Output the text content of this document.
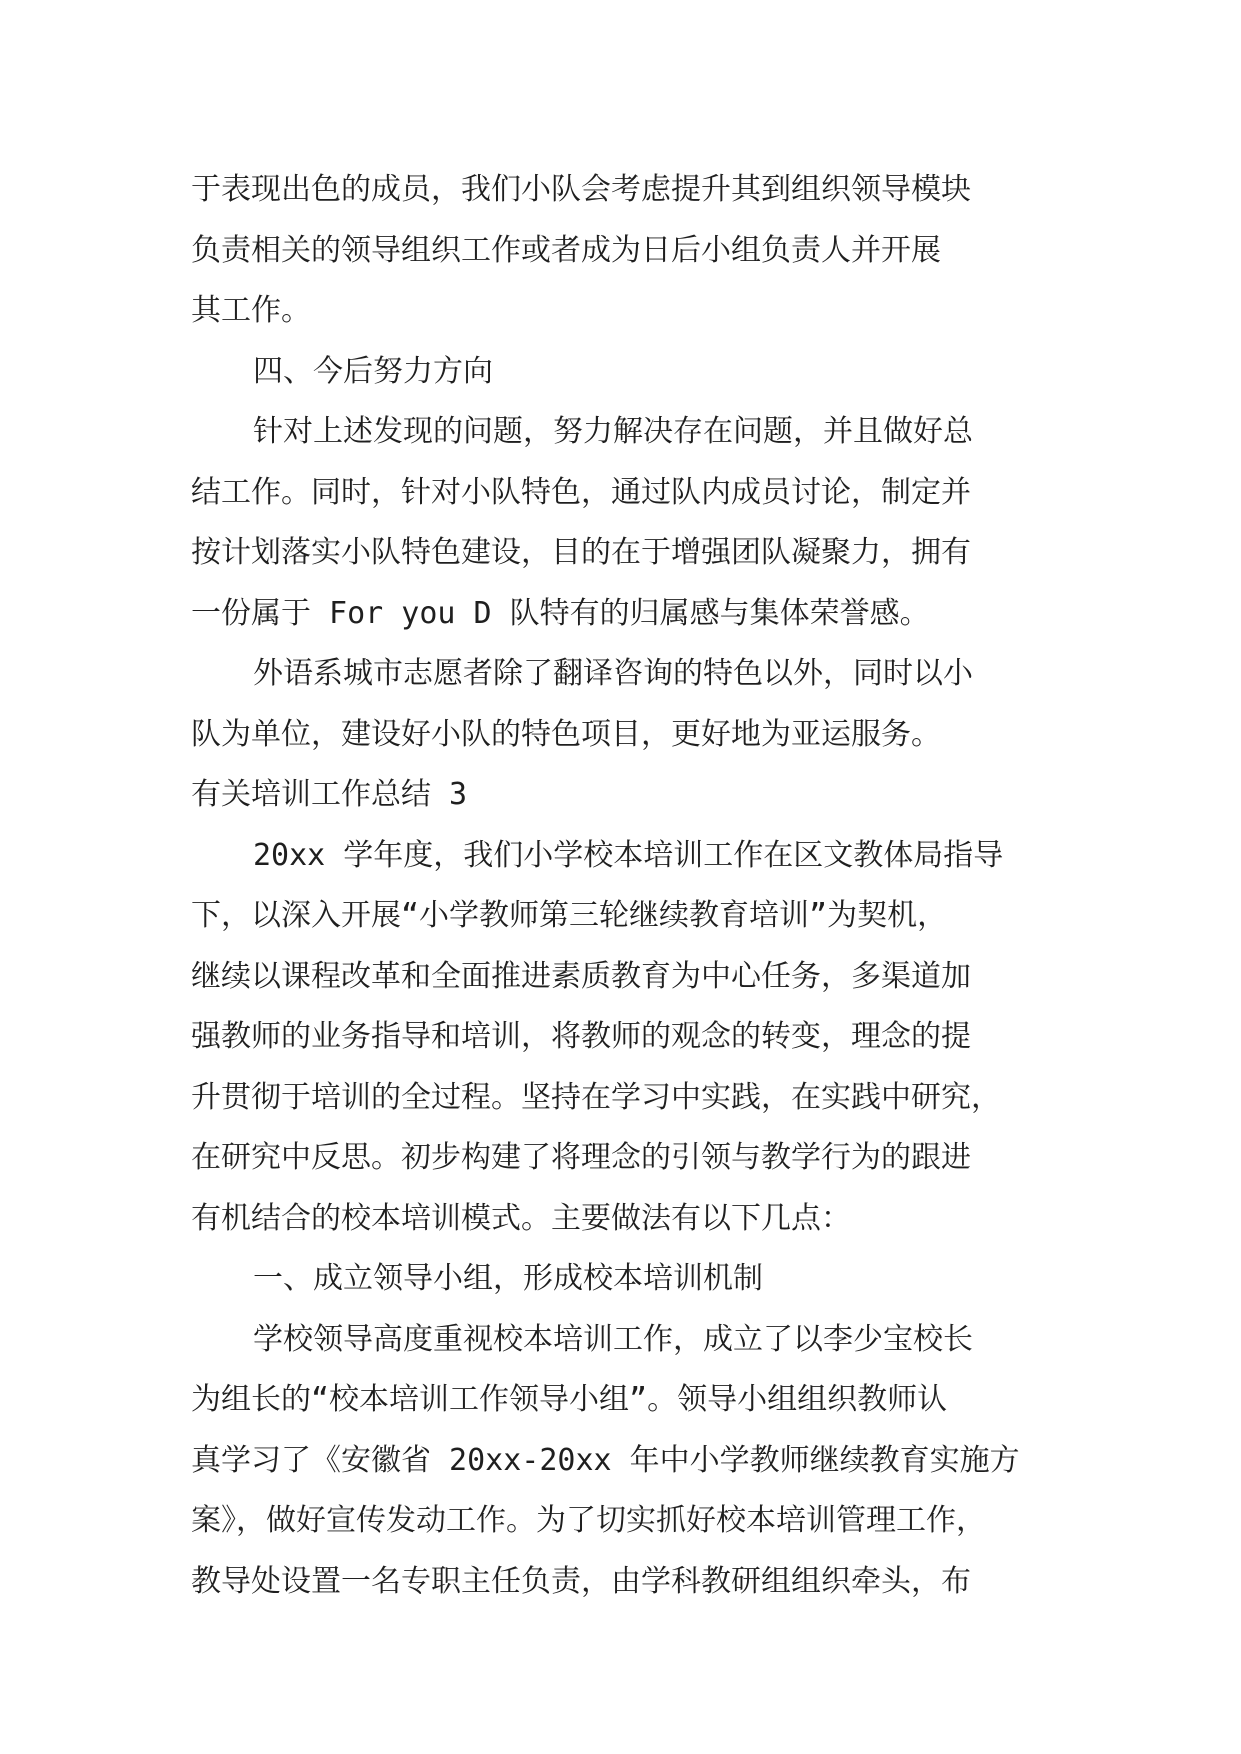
于表现出色的成员，我们小队会考虑提升其到组织领导模块
负责相关的领导组织工作或者成为日后小组负责人并开展
其工作。
四、今后努力方向
针对上述发现的问题，努力解决存在问题，并且做好总
结工作。同时，针对小队特色，通过队内成员讨论，制定并
按计划落实小队特色建设，目的在于增强团队凝聚力，拥有
一份属于 For you D 队特有的归属感与集体荣誉感。
外语系城市志愿者除了翻译咨询的特色以外，同时以小
队为单位，建设好小队的特色项目，更好地为亚运服务。
有关培训工作总结 3
20xx 学年度，我们小学校本培训工作在区文教体局指导
下，以深入开展“小学教师第三轮继续教育培训”为契机，
继续以课程改革和全面推进素质教育为中心任务，多渠道加
强教师的业务指导和培训，将教师的观念的转变，理念的提
升贯彻于培训的全过程。坚持在学习中实践，在实践中研究，
在研究中反思。初步构建了将理念的引领与教学行为的跟进
有机结合的校本培训模式。主要做法有以下几点：
一、成立领导小组，形成校本培训机制
学校领导高度重视校本培训工作，成立了以李少宝校长
为组长的“校本培训工作领导小组”。领导小组组织教师认
真学习了《安徽省 20xx-20xx 年中小学教师继续教育实施方
案》，做好宣传发动工作。为了切实抓好校本培训管理工作，
教导处设置一名专职主任负责，由学科教研组组织牵头，布
